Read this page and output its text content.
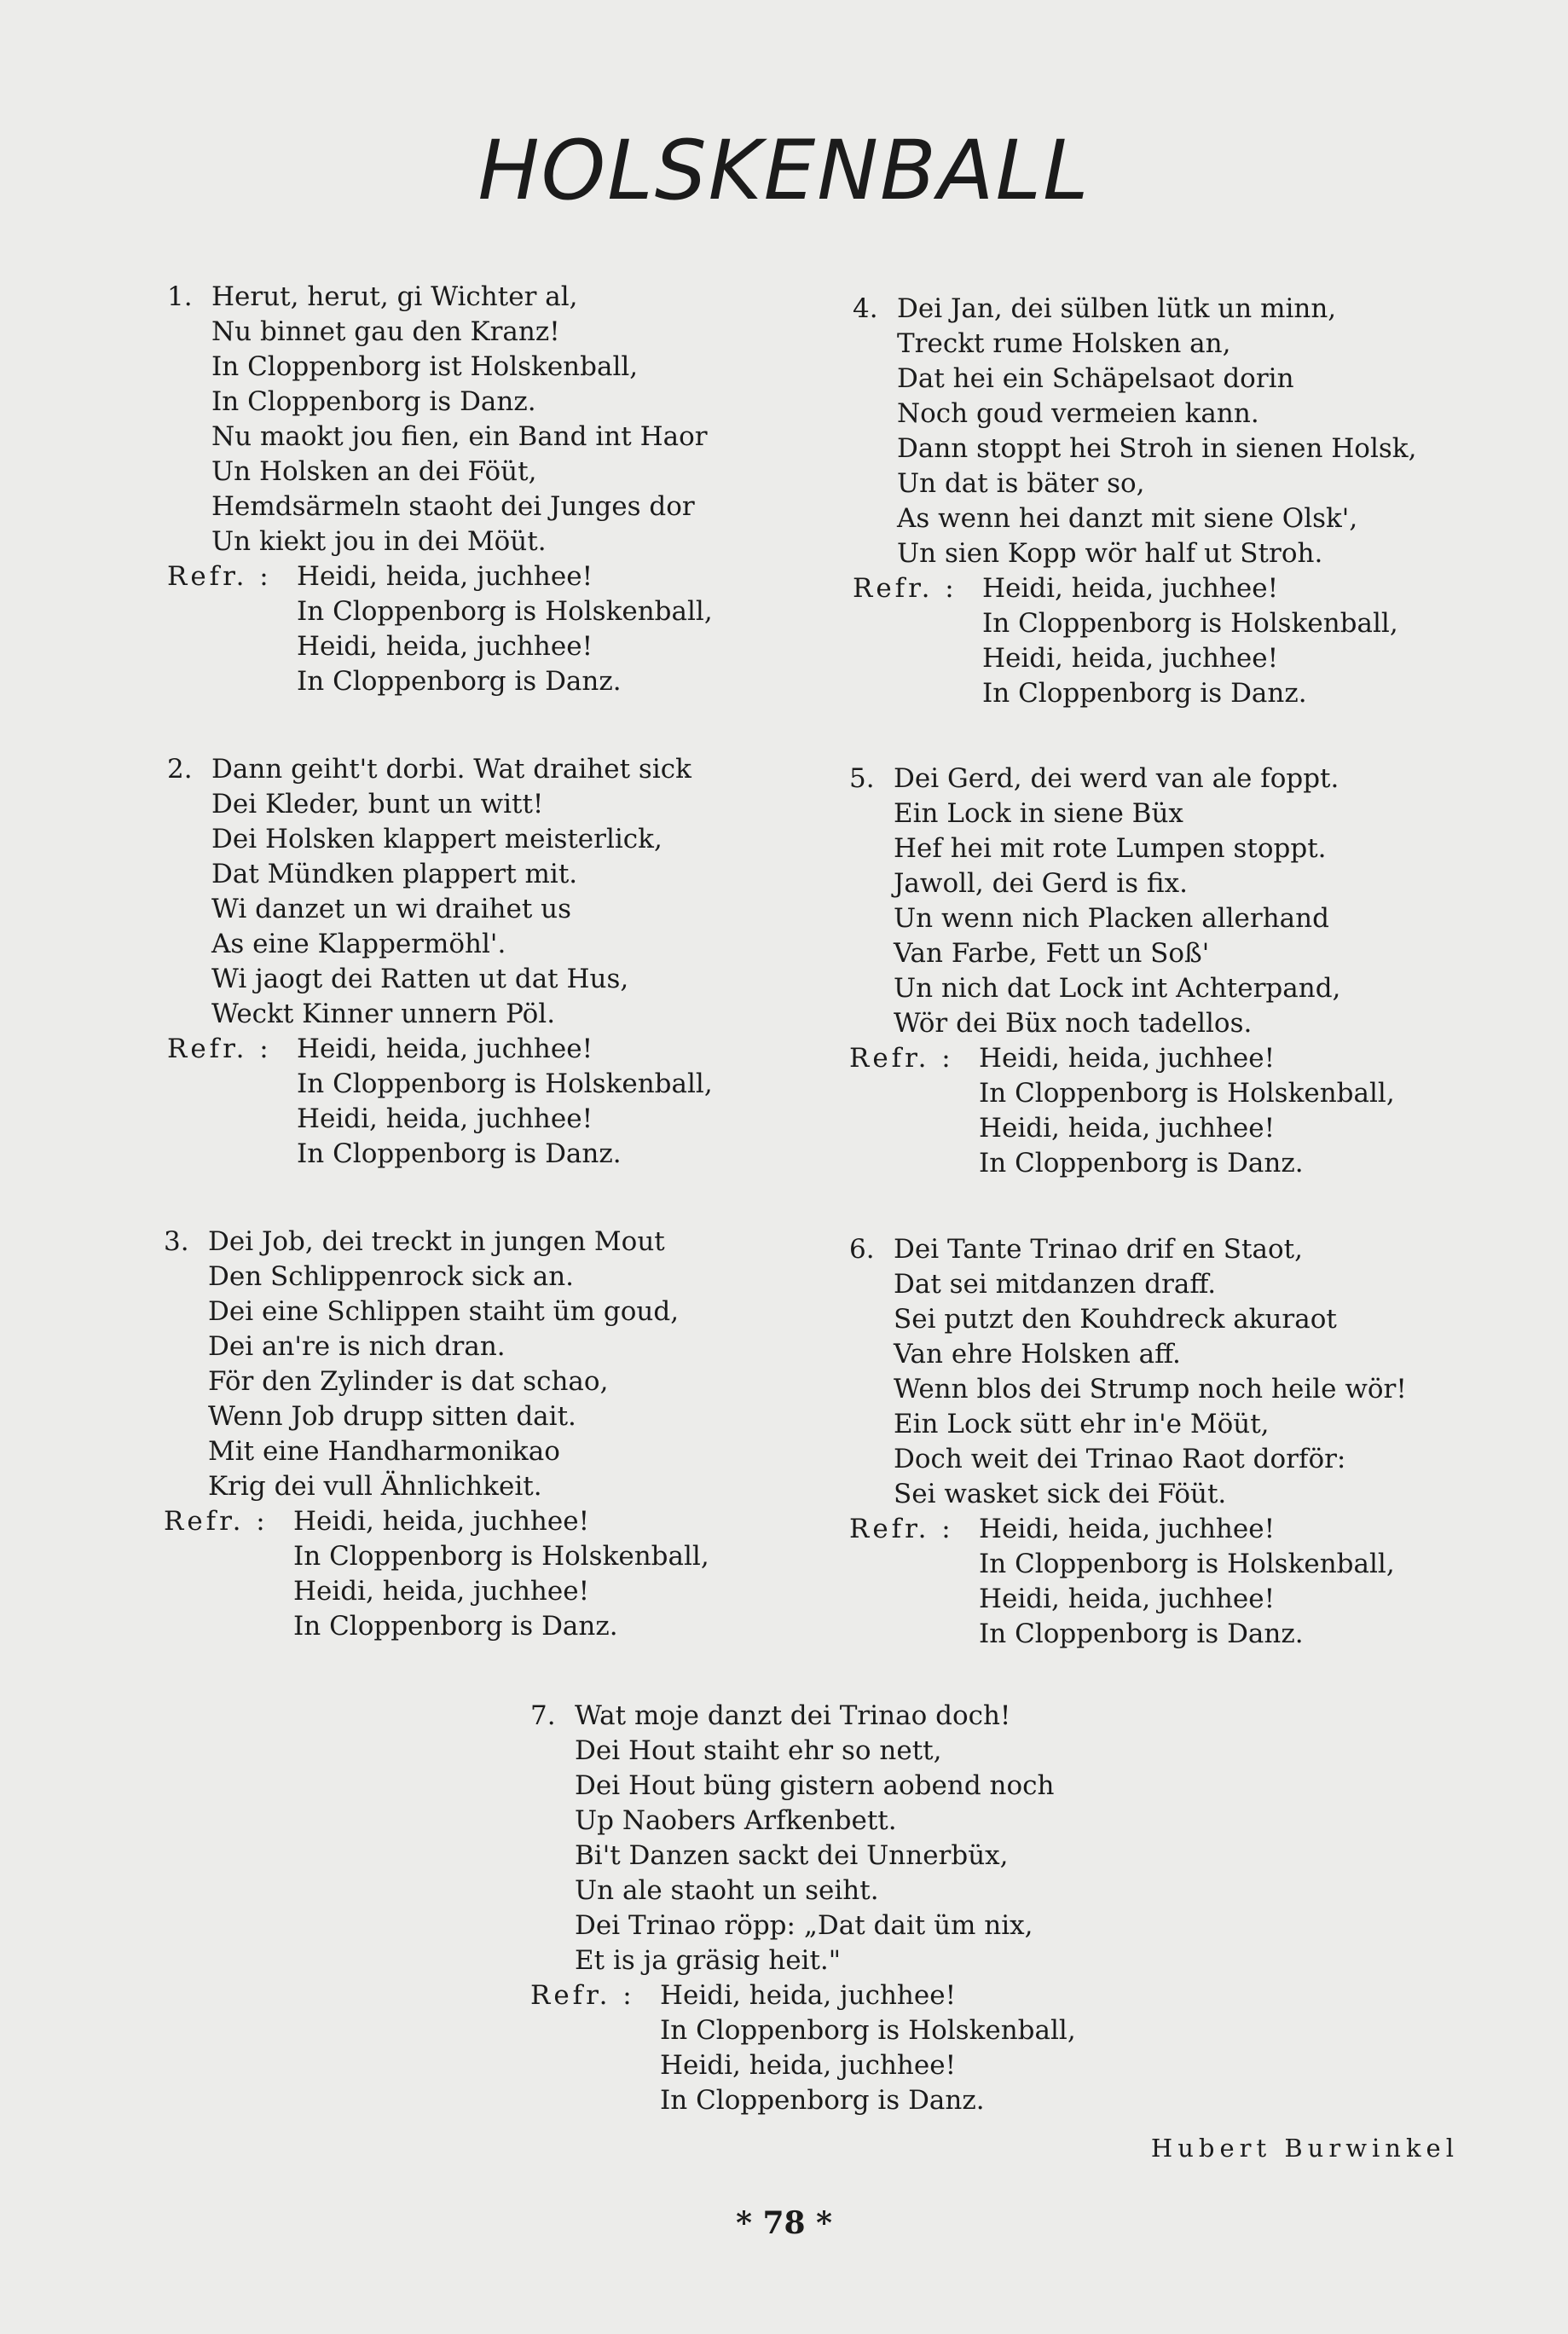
HOLSKENBALL
1. Herut, herut, gi Wichter al,
Nu binnet gau den Kranz!
In Cloppenborg ist Holskenball,
In Cloppenborg is Danz.
Nu maokt jou fien, ein Band int Haor
Un Holsken an dei Föüt,
Hemdsärmeln staoht dei Junges dor
Un kiekt jou in dei Möüt.
Refr. : Heidi, heida, juchhee!
In Cloppenborg is Holskenball,
Heidi, heida, juchhee!
In Cloppenborg is Danz.
4. Dei Jan, dei sülben lütk un minn,
Treckt rume Holsken an,
Dat hei ein Schäpelsaot dorin
Noch goud vermeien kann.
Dann stoppt hei Stroh in sienen Holsk,
Un dat is bäter so,
As wenn hei danzt mit siene Olsk',
Un sien Kopp wör half ut Stroh.
Refr. : Heidi, heida, juchhee!
In Cloppenborg is Holskenball,
Heidi, heida, juchhee!
In Cloppenborg is Danz.
2. Dann geiht't dorbi. Wat draihet sick
Dei Kleder, bunt un witt!
Dei Holsken klappert meisterlick,
Dat Mündken plappert mit.
Wi danzet un wi draihet us
As eine Klappermöhl'.
Wi jaogt dei Ratten ut dat Hus,
Weckt Kinner unnern Pöl.
Refr. : Heidi, heida, juchhee!
In Cloppenborg is Holskenball,
Heidi, heida, juchhee!
In Cloppenborg is Danz.
5. Dei Gerd, dei werd van ale foppt.
Ein Lock in siene Büx
Hef hei mit rote Lumpen stoppt.
Jawoll, dei Gerd is fix.
Un wenn nich Placken allerhand
Van Farbe, Fett un Soß'
Un nich dat Lock int Achterpand,
Wör dei Büx noch tadellos.
Refr. : Heidi, heida, juchhee!
In Cloppenborg is Holskenball,
Heidi, heida, juchhee!
In Cloppenborg is Danz.
3. Dei Job, dei treckt in jungen Mout
Den Schlippenrock sick an.
Dei eine Schlippen staiht üm goud,
Dei an're is nich dran.
För den Zylinder is dat schao,
Wenn Job drupp sitten dait.
Mit eine Handharmonikao
Krig dei vull Ähnlichkeit.
Refr. : Heidi, heida, juchhee!
In Cloppenborg is Holskenball,
Heidi, heida, juchhee!
In Cloppenborg is Danz.
6. Dei Tante Trinao drif en Staot,
Dat sei mitdanzen draff.
Sei putzt den Kouhdreck akuraot
Van ehre Holsken aff.
Wenn blos dei Strump noch heile wör!
Ein Lock sütt ehr in'e Möüt,
Doch weit dei Trinao Raot dorför:
Sei wasket sick dei Föüt.
Refr. : Heidi, heida, juchhee!
In Cloppenborg is Holskenball,
Heidi, heida, juchhee!
In Cloppenborg is Danz.
7. Wat moje danzt dei Trinao doch!
Dei Hout staiht ehr so nett,
Dei Hout büng gistern aobend noch
Up Naobers Arfkenbett.
Bi't Danzen sackt dei Unnerbüx,
Un ale staoht un seiht.
Dei Trinao röpp: „Dat dait üm nix,
Et is ja gräsig heit."
Refr. : Heidi, heida, juchhee!
In Cloppenborg is Holskenball,
Heidi, heida, juchhee!
In Cloppenborg is Danz.
Hubert Burwinkel
* 78 *
